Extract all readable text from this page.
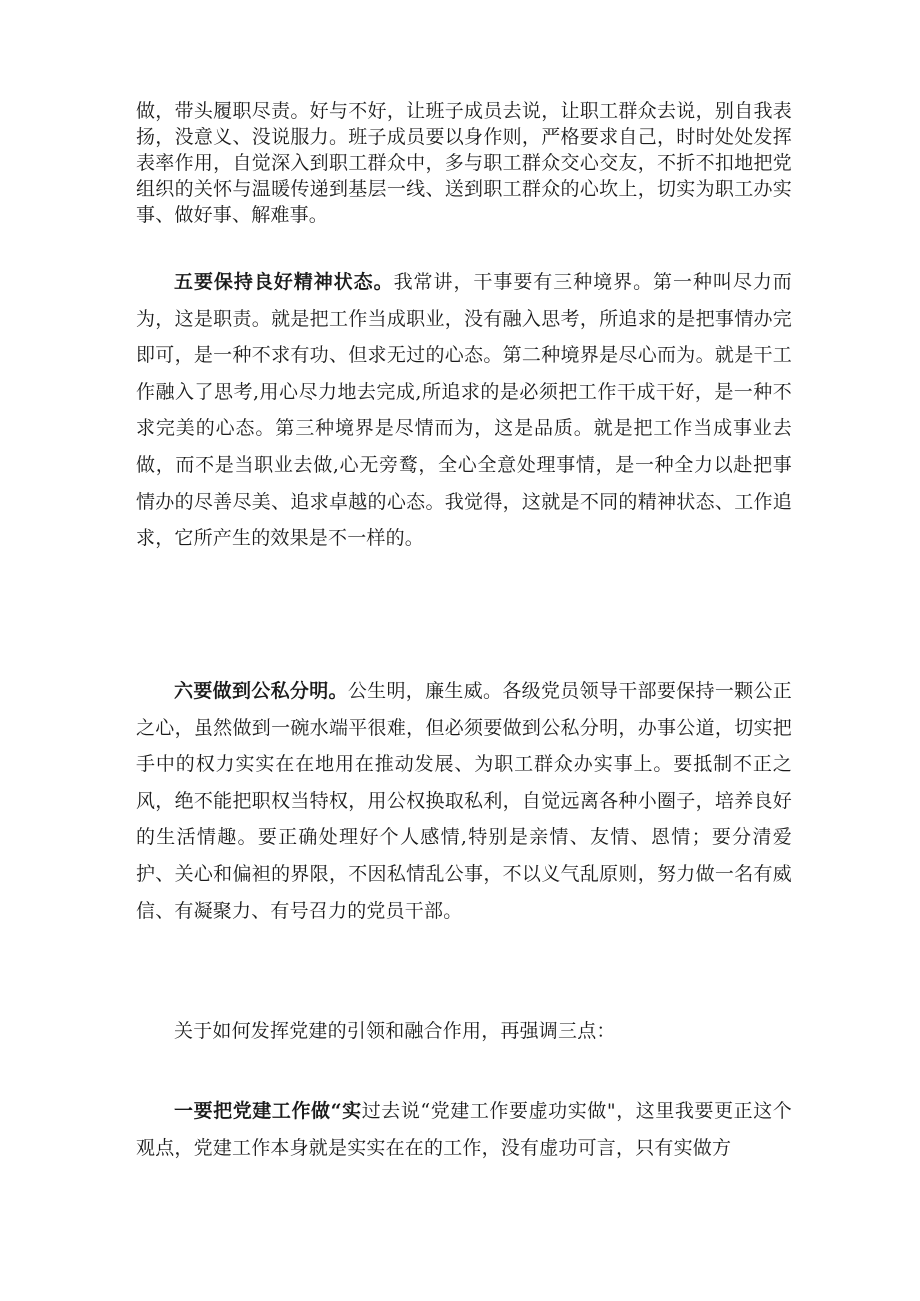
做，带头履职尽责。好与不好，让班子成员去说，让职工群众去说，别自我表扬，没意义、没说服力。班子成员要以身作则，严格要求自己，时时处处发挥表率作用，自觉深入到职工群众中，多与职工群众交心交友，不折不扣地把党组织的关怀与温暖传递到基层一线、送到职工群众的心坎上，切实为职工办实事、做好事、解难事。

五要保持良好精神状态。我常讲，干事要有三种境界。第一种叫尽力而为，这是职责。就是把工作当成职业，没有融入思考，所追求的是把事情办完即可，是一种不求有功、但求无过的心态。第二种境界是尽心而为。就是干工作融入了思考,用心尽力地去完成,所追求的是必须把工作干成干好，是一种不求完美的心态。第三种境界是尽情而为，这是品质。就是把工作当成事业去做，而不是当职业去做,心无旁鹜，全心全意处理事情，是一种全力以赴把事情办的尽善尽美、追求卓越的心态。我觉得，这就是不同的精神状态、工作追求，它所产生的效果是不一样的。

六要做到公私分明。公生明，廉生威。各级党员领导干部要保持一颗公正之心，虽然做到一碗水端平很难，但必须要做到公私分明，办事公道，切实把手中的权力实实在在地用在推动发展、为职工群众办实事上。要抵制不正之风，绝不能把职权当特权，用公权换取私利，自觉远离各种小圈子，培养良好的生活情趣。要正确处理好个人感情,特别是亲情、友情、恩情；要分清爱护、关心和偏袒的界限，不因私情乱公事，不以义气乱原则，努力做一名有威信、有凝聚力、有号召力的党员干部。

关于如何发挥党建的引领和融合作用，再强调三点：

一要把党建工作做“实过去说“党建工作要虚功实做"，这里我要更正这个观点，党建工作本身就是实实在在的工作，没有虚功可言，只有实做方
